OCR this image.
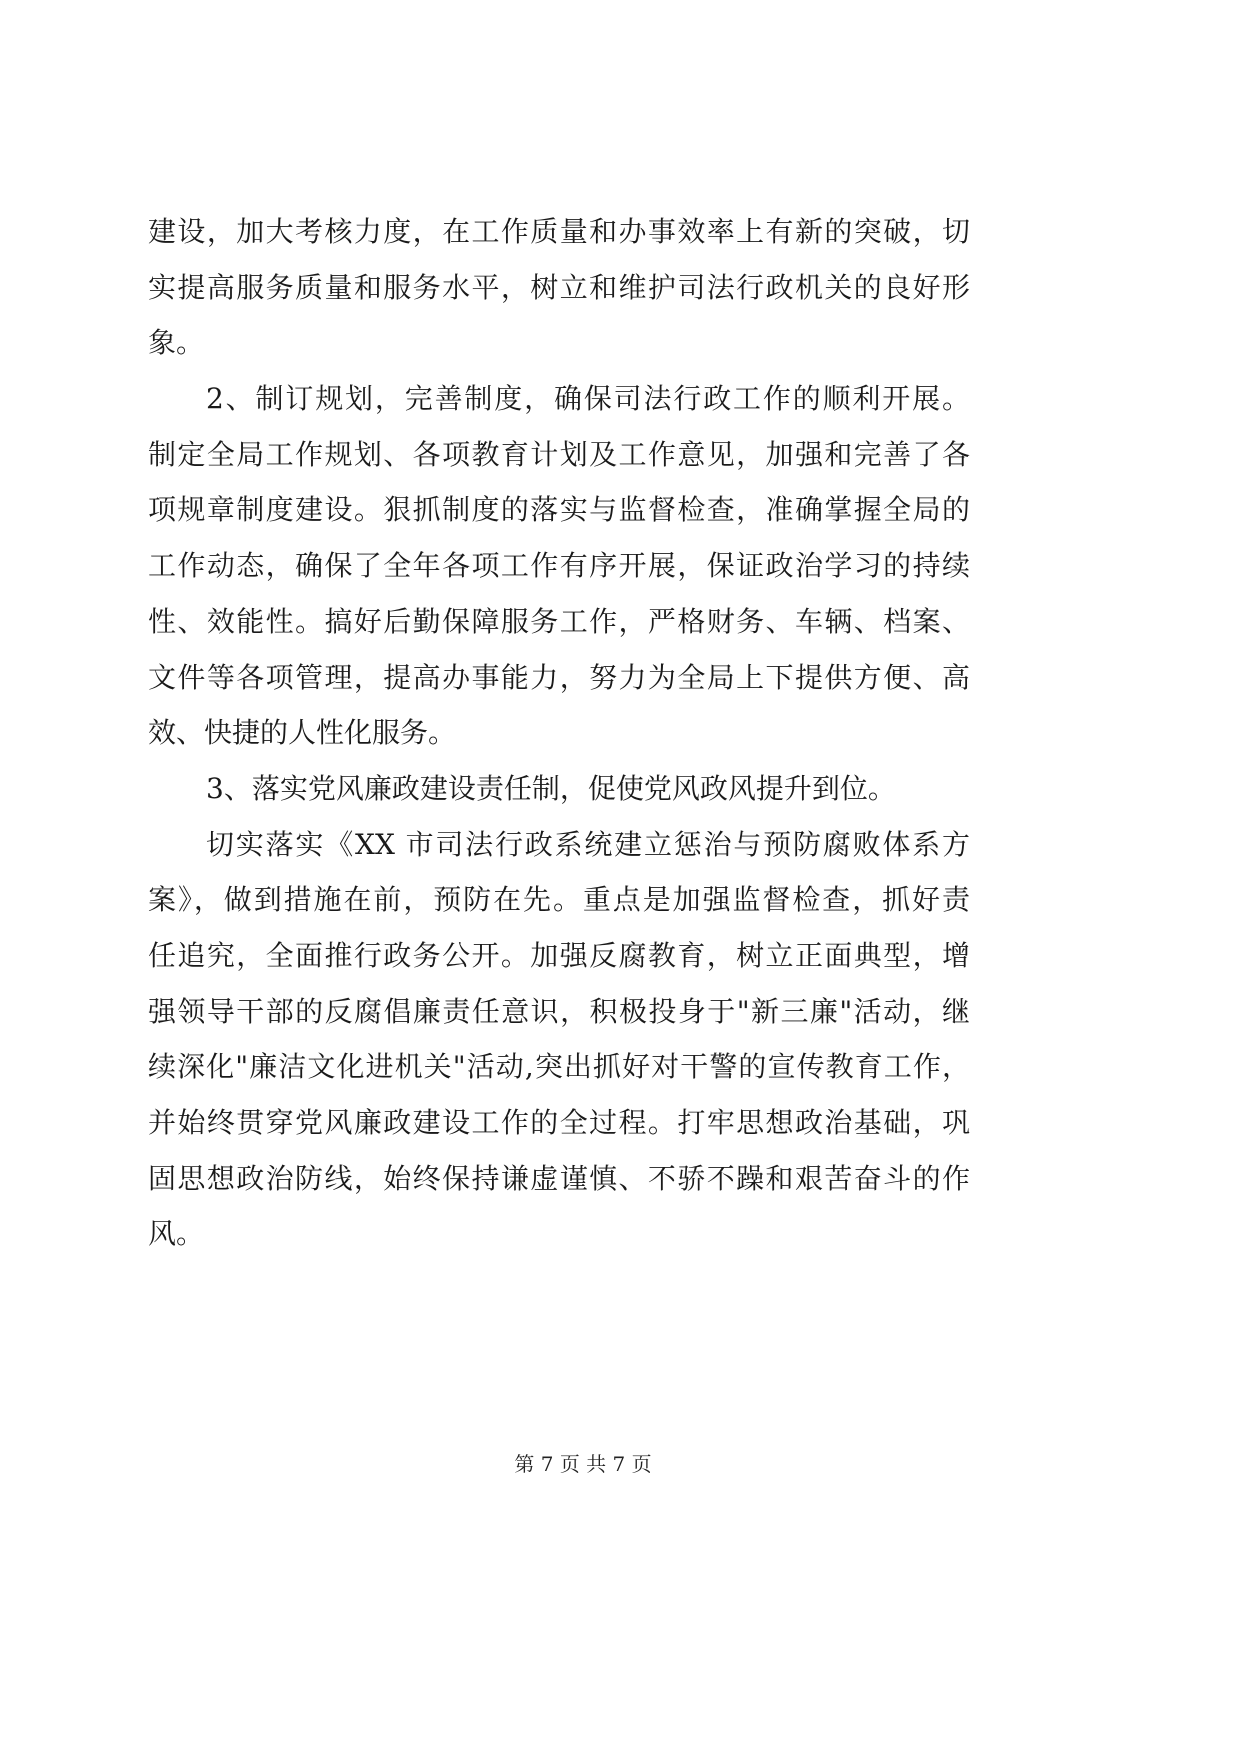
建设，加大考核力度，在工作质量和办事效率上有新的突破，切
实提高服务质量和服务水平，树立和维护司法行政机关的良好形
象。
2、制订规划，完善制度，确保司法行政工作的顺利开展。
制定全局工作规划、各项教育计划及工作意见，加强和完善了各
项规章制度建设。狠抓制度的落实与监督检查，准确掌握全局的
工作动态，确保了全年各项工作有序开展，保证政治学习的持续
性、效能性。搞好后勤保障服务工作，严格财务、车辆、档案、
文件等各项管理，提高办事能力，努力为全局上下提供方便、高
效、快捷的人性化服务。
3、落实党风廉政建设责任制，促使党风政风提升到位。
切实落实《XX 市司法行政系统建立惩治与预防腐败体系方
案》，做到措施在前，预防在先。重点是加强监督检查，抓好责
任追究，全面推行政务公开。加强反腐教育，树立正面典型，增
强领导干部的反腐倡廉责任意识，积极投身于"新三廉"活动，继
续深化"廉洁文化进机关"活动,突出抓好对干警的宣传教育工作，
并始终贯穿党风廉政建设工作的全过程。打牢思想政治基础，巩
固思想政治防线，始终保持谦虚谨慎、不骄不躁和艰苦奋斗的作
风。
第 7 页 共 7 页
